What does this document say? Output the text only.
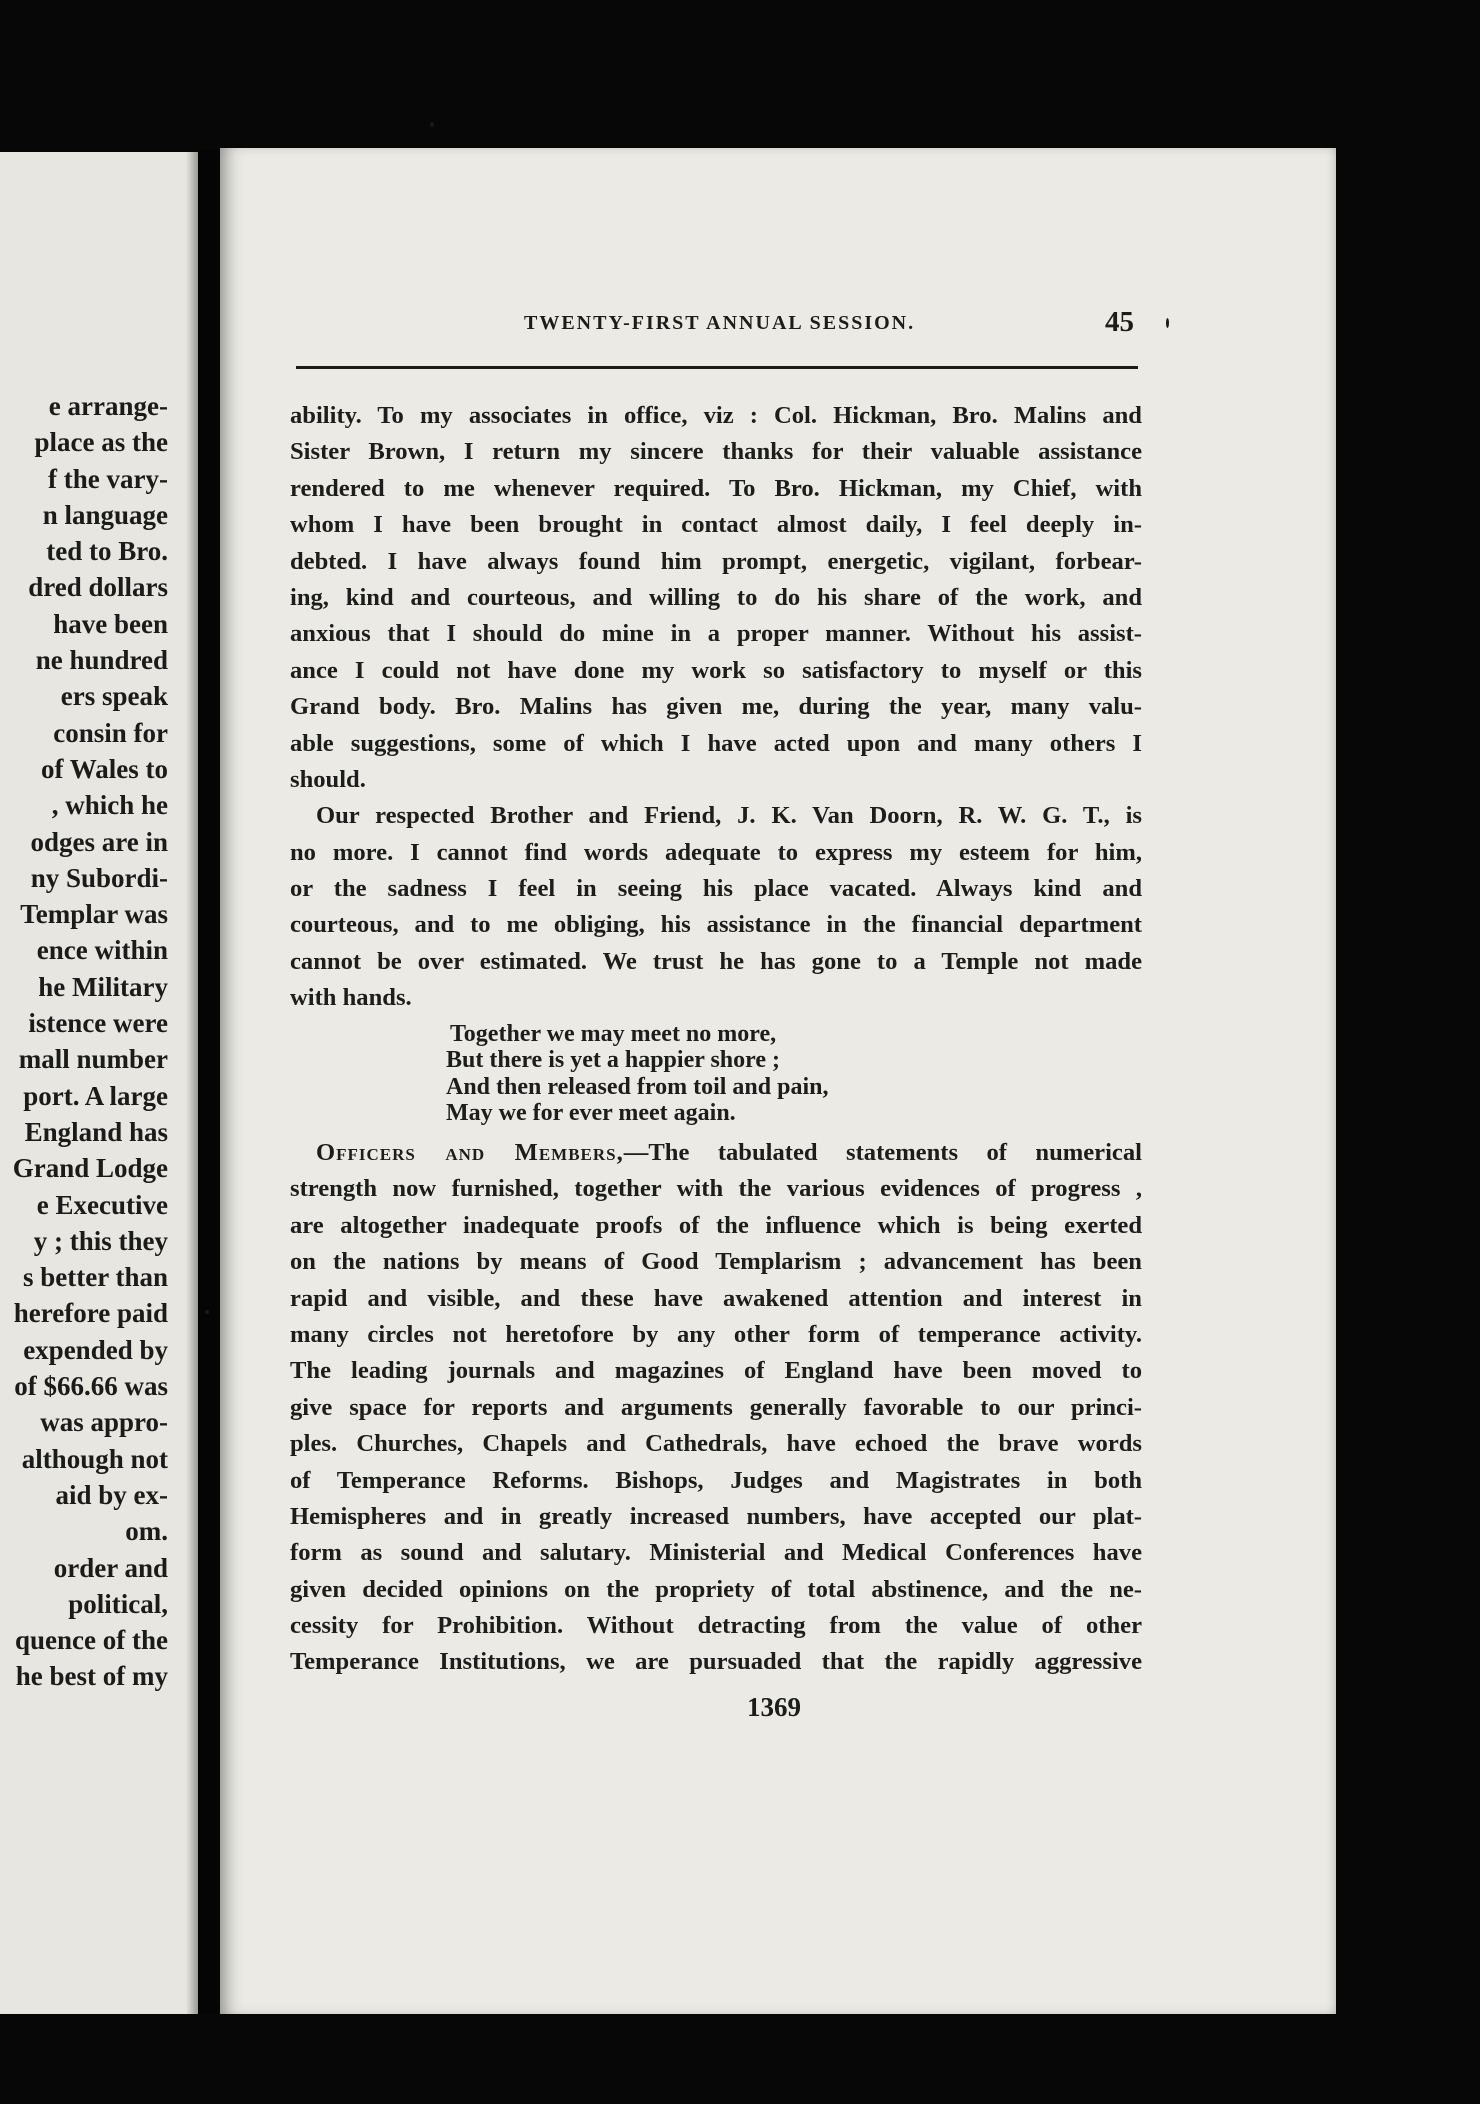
e arrange-
place as the
f the vary-
n language
ted to Bro.
dred dollars
have been
ne hundred
ers speak
consin for
of Wales to
, which he
odges are in
ny Subordi-
Templar was
ence within
he Military
istence were
mall number
port. A large
England has
Grand Lodge
e Executive
y ; this they
s better than
herefore paid
expended by
of $66.66 was
was appro-
although not
aid by ex-
om.
order and
political,
quence of the
he best of my
TWENTY-FIRST ANNUAL SESSION.	45
ability. To my associates in office, viz : Col. Hickman, Bro. Malins and
Sister Brown, I return my sincere thanks for their valuable assistance
rendered to me whenever required. To Bro. Hickman, my Chief, with
whom I have been brought in contact almost daily, I feel deeply in-
debted. I have always found him prompt, energetic, vigilant, forbear-
ing, kind and courteous, and willing to do his share of the work, and
anxious that I should do mine in a proper manner. Without his assist-
ance I could not have done my work so satisfactory to myself or this
Grand body. Bro. Malins has given me, during the year, many valu-
able suggestions, some of which I have acted upon and many others I
should.
Our respected Brother and Friend, J. K. Van Doorn, R. W. G. T., is
no more. I cannot find words adequate to express my esteem for him,
or the sadness I feel in seeing his place vacated. Always kind and
courteous, and to me obliging, his assistance in the financial department
cannot be over estimated. We trust he has gone to a Temple not made
with hands.
Together we may meet no more,
But there is yet a happier shore ;
And then released from toil and pain,
May we for ever meet again.
Officers and Members,—The tabulated statements of numerical
strength now furnished, together with the various evidences of progress ,
are altogether inadequate proofs of the influence which is being exerted
on the nations by means of Good Templarism ; advancement has been
rapid and visible, and these have awakened attention and interest in
many circles not heretofore by any other form of temperance activity.
The leading journals and magazines of England have been moved to
give space for reports and arguments generally favorable to our princi-
ples. Churches, Chapels and Cathedrals, have echoed the brave words
of Temperance Reforms. Bishops, Judges and Magistrates in both
Hemispheres and in greatly increased numbers, have accepted our plat-
form as sound and salutary. Ministerial and Medical Conferences have
given decided opinions on the propriety of total abstinence, and the ne-
cessity for Prohibition. Without detracting from the value of other
Temperance Institutions, we are pursuaded that the rapidly aggressive
1369
